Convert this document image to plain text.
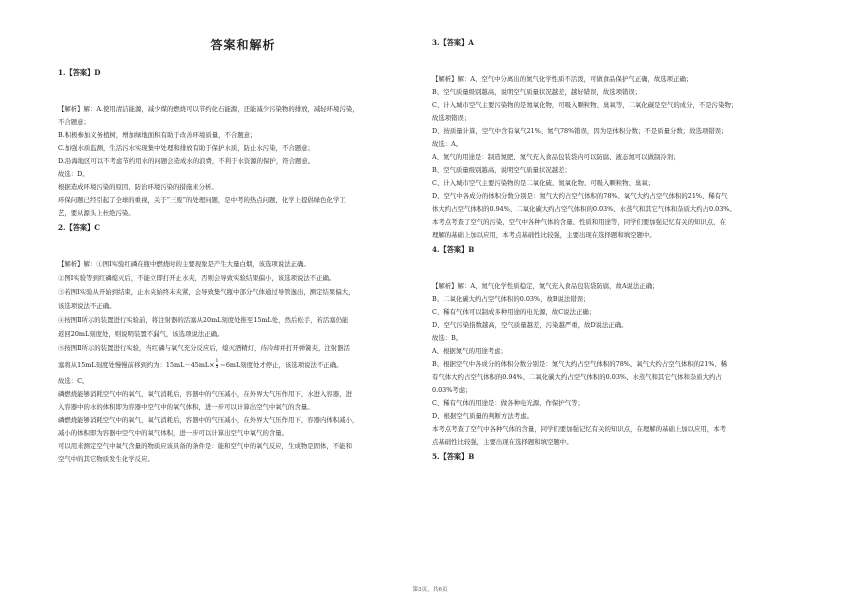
答案和解析
1.【答案】D
【解析】解：A.使用清洁能源，减少煤的燃烧可以节约化石能源，还能减少污染物的排放，减轻环境污染，
不合题意；
B.积极参加义务植树，增加绿地面积有助于改善环境质量，不合题意；
C.加强水质监测，生活污水实现集中处理和排放有助于保护水质，防止水污染，不合题意；
D.沿海地区可以不考虑节约用水的问题会造成水的浪费，不利于水资源的保护，符合题意。
故选：D。
根据造成环境污染的原因、防治环境污染的措施来分析。
环保问题已经引起了全球的重视，关于“三废”的处理问题，是中考的热点问题，化学上提倡绿色化学工
艺，要从源头上杜绝污染。
2.【答案】C
【解析】解：①图Ⅰ实验红磷在瓶中燃烧时的主要现象是产生大量白烟，该选项说法正确。
②图Ⅰ实验等到红磷熄灭后，不能立即打开止水夹，否则会导致实验结果偏小，该选项说法不正确。
③若图Ⅰ实验从开始到结束，止水夹始终未夹紧，会导致集气瓶中部分气体通过导管逸出，测定结果偏大，
该选项说法不正确。
④按图Ⅱ所示的装置进行实验前，将注射器的活塞从20mL刻度处推至15mL处，然后松手，若活塞仍能
返回20mL刻度处，则说明装置不漏气，该选项说法正确。
⑤按图Ⅱ所示的装置进行实验，当红磷与氧气充分反应后，熄灭酒精灯，待冷却并打开弹簧夹，注射器活
塞将从15mL刻度处慢慢前移到约为：$15mL-45mL\times \frac{1}{5} =6mL$刻度处才停止，该选项说法不正确。
故选：C。
磷燃烧能够消耗空气中的氧气，氧气消耗后，容器中的气压减小，在外界大气压作用下，水进入容器，进
入容器中的水的体积即为容器中空气中的氧气体积，进一步可以计算出空气中氧气的含量。
磷燃烧能够消耗空气中的氧气，氧气消耗后，容器中的气压减小，在外界大气压作用下，容器内体积减小，
减小的体积即为容器中空气中的氧气体积，进一步可以计算出空气中氧气的含量。
可以用来测定空气中氧气含量的物质应该具备的条件是：能和空气中的氧气反应，生成物是固体，不能和
空气中的其它物质发生化学反应。
3.【答案】A
【解析】解：A、空气中分离出的氮气化学性质不活泼，可做食品保护气正确，故选项正确；
B、空气质量级别越高，说明空气质量状况越差，越好错误，故选项错误；
C、计入城市空气主要污染物的是氮氧化物，可吸入颗粒物、臭氧等，二氧化碳是空气的成分，不是污染物；
故选项错误；
D、按质量计算，空气中含有氧气21%、氮气78%错误，因为是体积分数；不是质量分数；故选项错误；
故选：A。
A、氮气的用途是：制造氮肥、氮气充入食品包装袋内可以防腐、液态氮可以做制冷剂；
B、空气质量级别越高，说明空气质量状况越差；
C、计入城市空气主要污染物的是二氧化硫、氮氧化物、可吸入颗粒物、臭氧；
D、空气中各成分的体积分数分别是：氮气大约占空气体积的78%、氧气大约占空气体积的21%、稀有气
体大约占空气体积的0.94%、二氧化碳大约占空气体积的0.03%、水蒸气和其它气体和杂质大约占0.03%。
本考点考查了空气的污染、空气中各种气体的含量、性质和用途等，同学们要加强记忆有关的知识点，在
理解的基础上加以应用，本考点基础性比较强，主要出现在选择题和填空题中。
4.【答案】B
【解析】解：A、氮气化学性质稳定，氮气充入食品包装袋防腐，故A说法正确；
B、二氧化碳大约占空气体积的0.03%，故B说法错误；
C、稀有气体可以制成多种用途的电光源，故C说法正确；
D、空气污染指数越高，空气质量越差，污染越严重，故D说法正确。
故选：B。
A、根据氮气的用途考虑；
B、根据空气中各成分的体积分数分别是：氮气大约占空气体积的78%、氧气大约占空气体积的21%、稀
有气体大约占空气体积的0.94%、二氧化碳大约占空气体积的0.03%、水蒸气和其它气体和杂质大约占
0.03%考虑；
C、稀有气体的用途是：做各种电光源、作保护气等；
D、根据空气质量的判断方法考虑。
本考点考查了空气中各种气体的含量，同学们要加强记忆有关的知识点，在理解的基础上加以应用，本考
点基础性比较强，主要出现在选择题和填空题中。
5.【答案】B
第3页，共6页
